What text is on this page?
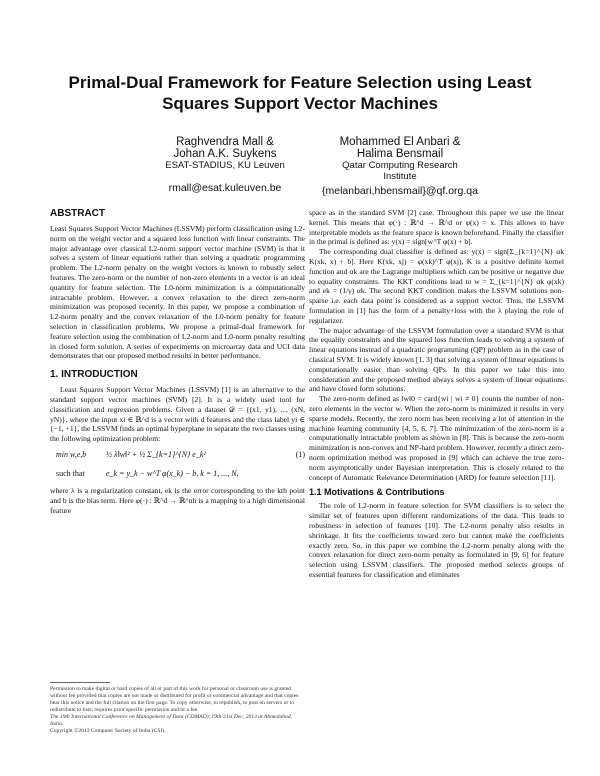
Primal-Dual Framework for Feature Selection using Least Squares Support Vector Machines
Raghvendra Mall &
Johan A.K. Suykens
ESAT-STADIUS, KU Leuven
rmall@esat.kuleuven.be
Mohammed El Anbari &
Halima Bensmail
Qatar Computing Research
Institute
{melanbari,hbensmail}@qf.org.qa
ABSTRACT

Least Squares Support Vector Machines (LSSVM) perform classification using L2-norm on the weight vector and a squared loss function with linear constraints. The major advantage over classical L2-norm support vector machine (SVM) is that it solves a system of linear equations rather than solving a quadratic programming problem. The L2-norm penalty on the weight vectors is known to robustly select features. The zero-norm or the number of non-zero elements in a vector is an ideal quantity for feature selection. The L0-norm minimization is a computationally intractable problem. However, a convex relaxation to the direct zero-norm minimization was proposed recently. In this paper, we propose a combination of L2-norm penalty and the convex relaxation of the L0-norm penalty for feature selection in classification problems. We propose a primal-dual framework for feature selection using the combination of L2-norm and L0-norm penalty resulting in closed form solution. A series of experiments on microarray data and UCI data demonstrates that our proposed method results in better performance.

1. INTRODUCTION

Least Squares Support Vector Machines (LSSVM) [1] is an alternative to the standard support vector machines (SVM) [2]. It is a widely used tool for classification and regression problems. Given a dataset 𝒟 = {(x1, y1), ..., (xN, yN)}, where the input xi ∈ ℝ^d is a vector with d features and the class label yi ∈ {−1, +1}, the LSSVM finds an optimal hyperplane to separate the two classes using the following optimization problem:

min w,e,b	½ λ‖w‖² + ½ Σ_{k=1}^{N} e_k²	(1)
such that	e_k = y_k − w^T φ(x_k) − b, k = 1, ..., N,

where λ is a regularization constant, ek is the error corresponding to the kth point and b is the bias term. Here φ(·) : ℝ^d → ℝ^nh is a mapping to a high dimensional feature

Permission to make digital or hard copies of all or part of this work for personal or classroom use is granted without fee provided that copies are not made or distributed for profit or commercial advantage and that copies bear this notice and the full citation on the first page. To copy otherwise, to republish, to post on servers or to redistribute to lists, requires prior specific permission and/or a fee.

The 19th International Conference on Management of Data (COMAD), 19th-21st Dec, 2013 at Ahmedabad, India.

Copyright ©2013 Computer Society of India (CSI).

space as in the standard SVM [2] case. Throughout this paper we use the linear kernel. This means that φ(·) : ℝ^d → ℝ^d or φ(x) = x. This allows to have interpretable models as the feature space is known beforehand. Finally the classifier in the primal is defined as: y(x) = sign[w^T φ(x) + b].

The corresponding dual classifier is defined as: y(x) = sign[Σ_{k=1}^{N} αk K(xk, x) + b]. Here K(xk, xj) = φ(xk)^T φ(xj), K is a positive definite kernel function and αk are the Lagrange multipliers which can be positive or negative due to equality constraints. The KKT conditions lead to w = Σ_{k=1}^{N} αk φ(xk) and ek = (1/γ) αk. The second KKT condition makes the LSSVM solutions non-sparse i.e. each data point is considered as a support vector. Thus, the LSSVM formulation in [1] has the form of a penalty+loss with the λ playing the role of regularizer.

The major advantage of the LSSVM formulation over a standard SVM is that the equality constraints and the squared loss function leads to solving a system of linear equations instead of a quadratic programming (QP) problem as in the case of classical SVM. It is widely known [1, 3] that solving a system of linear equations is computationally easier than solving QPs. In this paper we take this into consideration and the proposed method always solves a system of linear equations and have closed form solutions.

The zero-norm defined as ‖w‖0 = card{wi | wi ≠ 0} counts the number of non-zero elements in the vector w. When the zero-norm is minimized it results in very sparse models. Recently, the zero norm has been receiving a lot of attention in the machine learning community [4, 5, 6, 7]. The minimization of the zero-norm is a computationally intractable problem as shown in [8]. This is because the zero-norm minimization is non-convex and NP-hard problem. However, recently a direct zero-norm optimization method was proposed in [9] which can achieve the true zero-norm asymptotically under Bayesian interpretation. This is closely related to the concept of Automatic Relevance Determination (ARD) for feature selection [11].

1.1 Motivations & Contributions

The role of L2-norm in feature selection for SVM classifiers is to select the similar set of features upon different randomizations of the data. This leads to robustness in selection of features [10]. The L2-norm penalty also results in shrinkage. It fits the coefficients toward zero but cannot make the coefficients exactly zero. So, in this paper we combine the L2-norm penalty along with the convex relaxation for direct zero-norm penalty as formulated in [9, 6] for feature selection using LSSVM classifiers. The proposed method selects groups of essential features for classification and eliminates
